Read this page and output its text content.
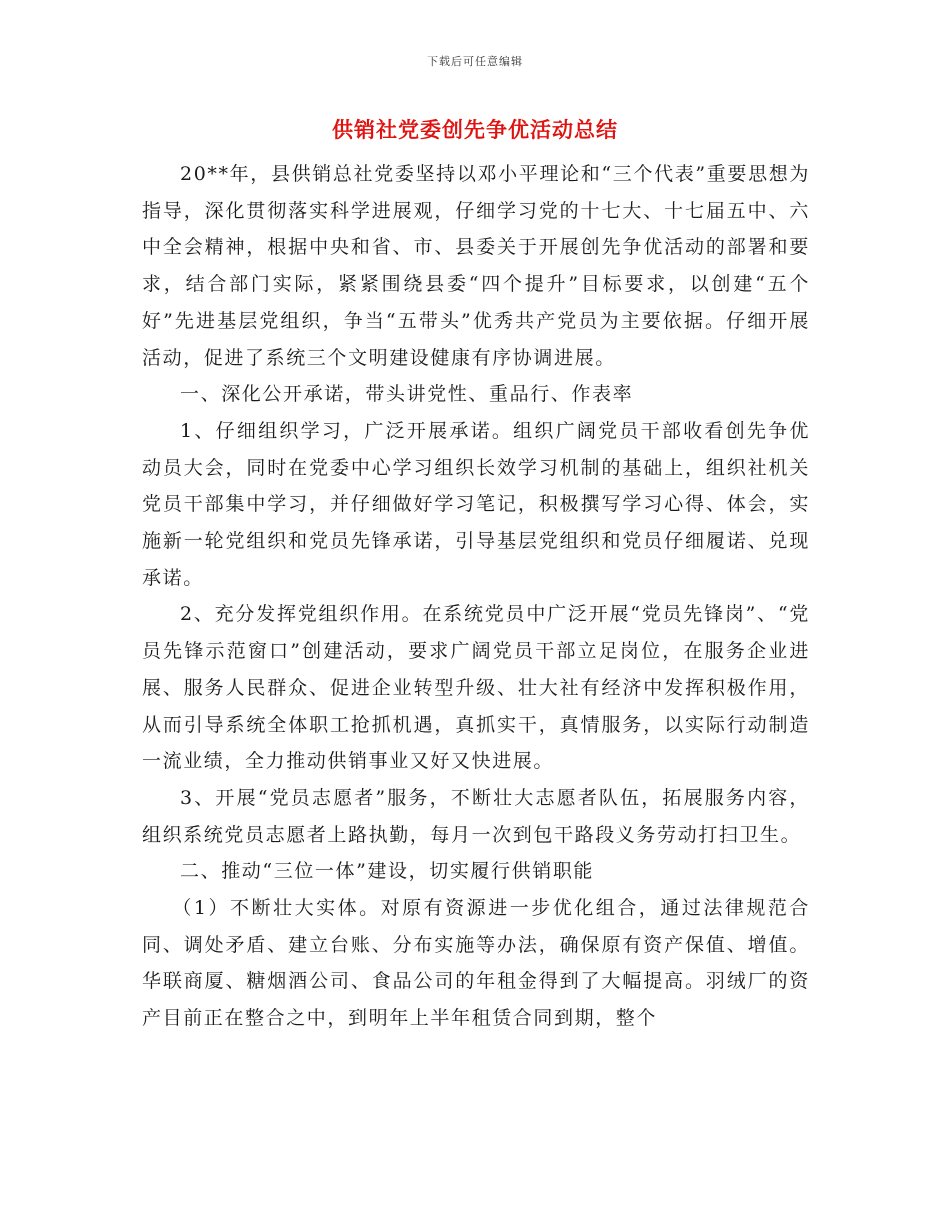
下载后可任意编辑
供销社党委创先争优活动总结

20**年，县供销总社党委坚持以邓小平理论和“三个代表”重要思想为指导，深化贯彻落实科学进展观，仔细学习党的十七大、十七届五中、六中全会精神，根据中央和省、市、县委关于开展创先争优活动的部署和要求，结合部门实际，紧紧围绕县委“四个提升”目标要求，以创建“五个好”先进基层党组织，争当“五带头”优秀共产党员为主要依据。仔细开展活动，促进了系统三个文明建设健康有序协调进展。

一、深化公开承诺，带头讲党性、重品行、作表率

1、仔细组织学习，广泛开展承诺。组织广阔党员干部收看创先争优动员大会，同时在党委中心学习组织长效学习机制的基础上，组织社机关党员干部集中学习，并仔细做好学习笔记，积极撰写学习心得、体会，实施新一轮党组织和党员先锋承诺，引导基层党组织和党员仔细履诺、兑现承诺。

2、充分发挥党组织作用。在系统党员中广泛开展“党员先锋岗”、“党员先锋示范窗口”创建活动，要求广阔党员干部立足岗位，在服务企业进展、服务人民群众、促进企业转型升级、壮大社有经济中发挥积极作用，从而引导系统全体职工抢抓机遇，真抓实干，真情服务，以实际行动制造一流业绩，全力推动供销事业又好又快进展。

3、开展“党员志愿者”服务，不断壮大志愿者队伍，拓展服务内容，组织系统党员志愿者上路执勤，每月一次到包干路段义务劳动打扫卫生。

二、推动“三位一体”建设，切实履行供销职能

（1）不断壮大实体。对原有资源进一步优化组合，通过法律规范合同、调处矛盾、建立台账、分布实施等办法，确保原有资产保值、增值。华联商厦、糖烟酒公司、食品公司的年租金得到了大幅提高。羽绒厂的资产目前正在整合之中，到明年上半年租赁合同到期，整个
